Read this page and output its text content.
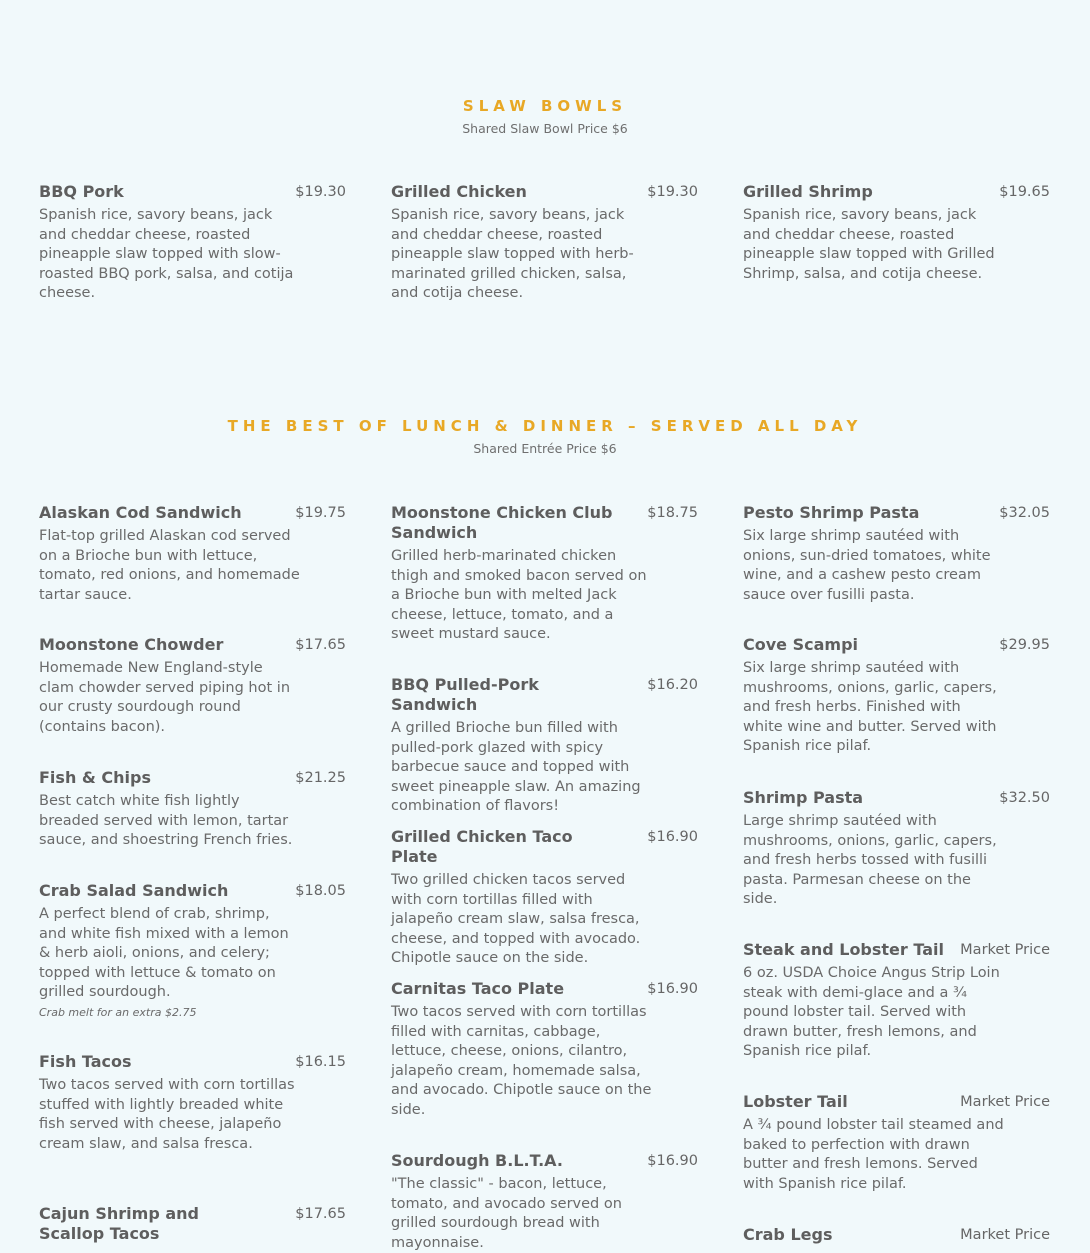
SLAW BOWLS
Shared Slaw Bowl Price $6
BBQ Pork	$19.30
Spanish rice, savory beans, jack and cheddar cheese, roasted pineapple slaw topped with slow-roasted BBQ pork, salsa, and cotija cheese.
Grilled Chicken	$19.30
Spanish rice, savory beans, jack and cheddar cheese, roasted pineapple slaw topped with herb-marinated grilled chicken, salsa, and cotija cheese.
Grilled Shrimp	$19.65
Spanish rice, savory beans, jack and cheddar cheese, roasted pineapple slaw topped with Grilled Shrimp, salsa, and cotija cheese.
THE BEST OF LUNCH & DINNER – SERVED ALL DAY
Shared Entrée Price $6
Alaskan Cod Sandwich	$19.75
Flat-top grilled Alaskan cod served on a Brioche bun with lettuce, tomato, red onions, and homemade tartar sauce.
Moonstone Chowder	$17.65
Homemade New England-style clam chowder served piping hot in our crusty sourdough round (contains bacon).
Fish & Chips	$21.25
Best catch white fish lightly breaded served with lemon, tartar sauce, and shoestring French fries.
Crab Salad Sandwich	$18.05
A perfect blend of crab, shrimp, and white fish mixed with a lemon & herb aioli, onions, and celery; topped with lettuce & tomato on grilled sourdough.
Crab melt for an extra $2.75
Fish Tacos	$16.15
Two tacos served with corn tortillas stuffed with lightly breaded white fish served with cheese, jalapeño cream slaw, and salsa fresca.
Cajun Shrimp and Scallop Tacos
$17.65
Moonstone Chicken Club Sandwich
$18.75
Grilled herb-marinated chicken thigh and smoked bacon served on a Brioche bun with melted Jack cheese, lettuce, tomato, and a sweet mustard sauce.
BBQ Pulled-Pork Sandwich
$16.20
A grilled Brioche bun filled with pulled-pork glazed with spicy barbecue sauce and topped with sweet pineapple slaw. An amazing combination of flavors!
Grilled Chicken Taco Plate
$16.90
Two grilled chicken tacos served with corn tortillas filled with jalapeño cream slaw, salsa fresca, cheese, and topped with avocado. Chipotle sauce on the side.
Carnitas Taco Plate	$16.90
Two tacos served with corn tortillas filled with carnitas, cabbage, lettuce, cheese, onions, cilantro, jalapeño cream, homemade salsa, and avocado. Chipotle sauce on the side.
Sourdough B.L.T.A.	$16.90
"The classic" - bacon, lettuce, tomato, and avocado served on grilled sourdough bread with mayonnaise.
Pesto Shrimp Pasta	$32.05
Six large shrimp sautéed with onions, sun-dried tomatoes, white wine, and a cashew pesto cream sauce over fusilli pasta.
Cove Scampi	$29.95
Six large shrimp sautéed with mushrooms, onions, garlic, capers, and fresh herbs. Finished with white wine and butter. Served with Spanish rice pilaf.
Shrimp Pasta	$32.50
Large shrimp sautéed with mushrooms, onions, garlic, capers, and fresh herbs tossed with fusilli pasta. Parmesan cheese on the side.
Steak and Lobster Tail	Market Price
6 oz. USDA Choice Angus Strip Loin steak with demi-glace and a ¾ pound lobster tail. Served with drawn butter, fresh lemons, and Spanish rice pilaf.
Lobster Tail	Market Price
A ¾ pound lobster tail steamed and baked to perfection with drawn butter and fresh lemons. Served with Spanish rice pilaf.
Crab Legs	Market Price
